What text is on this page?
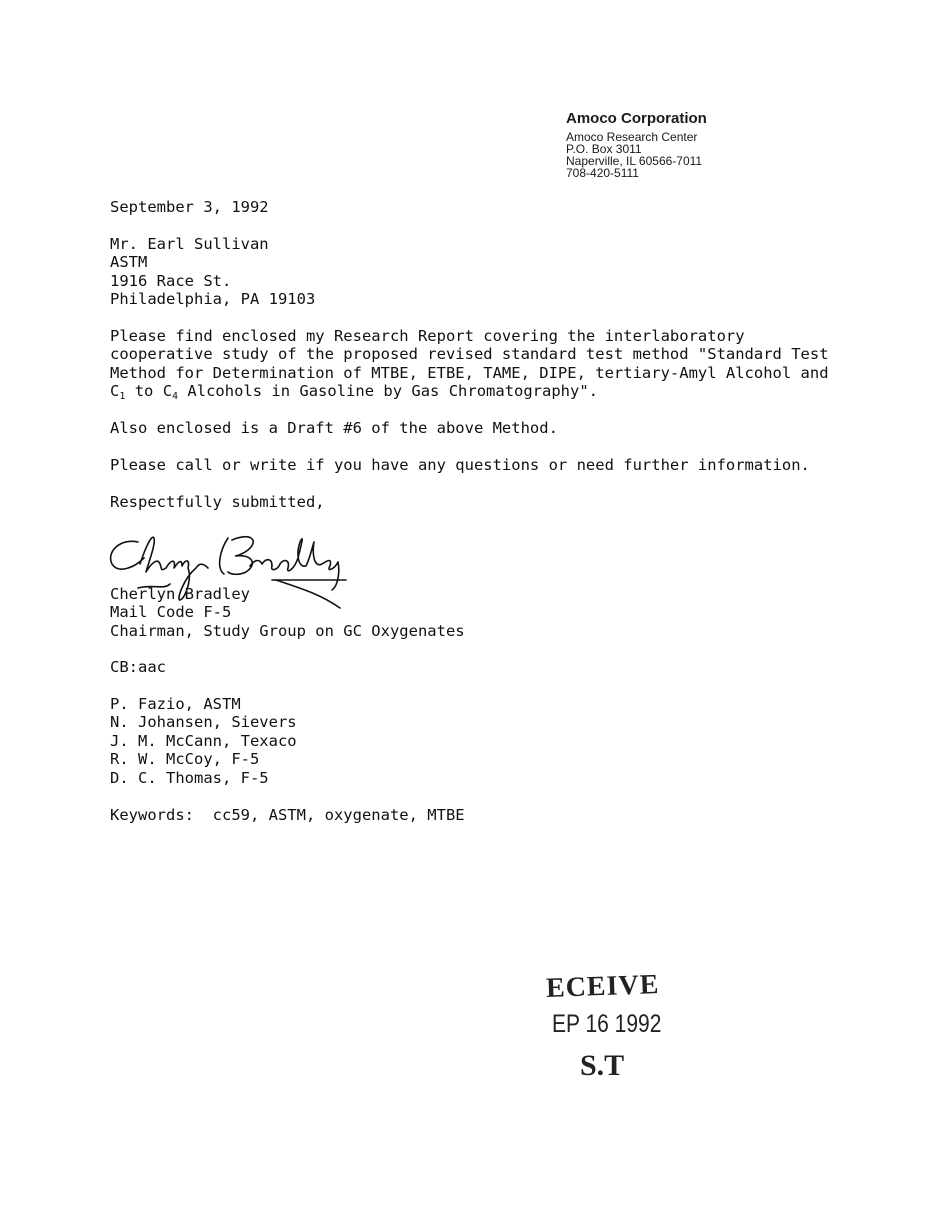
Amoco Corporation
Amoco Research Center
P.O. Box 3011
Naperville, IL 60566-7011
708-420-5111
September 3, 1992
Mr. Earl Sullivan
ASTM
1916 Race St.
Philadelphia, PA 19103
Please find enclosed my Research Report covering the interlaboratory
cooperative study of the proposed revised standard test method "Standard Test
Method for Determination of MTBE, ETBE, TAME, DIPE, tertiary-Amyl Alcohol and
$C_1$ to $C_4$ Alcohols in Gasoline by Gas Chromatography".
Also enclosed is a Draft #6 of the above Method.
Please call or write if you have any questions or need further information.
Respectfully submitted,
Cherlyn Bradley
Mail Code F-5
Chairman, Study Group on GC Oxygenates
CB:aac
P. Fazio, ASTM
N. Johansen, Sievers
J. M. McCann, Texaco
R. W. McCoy, F-5
D. C. Thomas, F-5
Keywords:  cc59, ASTM, oxygenate, MTBE
ECEIVE
EP 16 1992
S.T
